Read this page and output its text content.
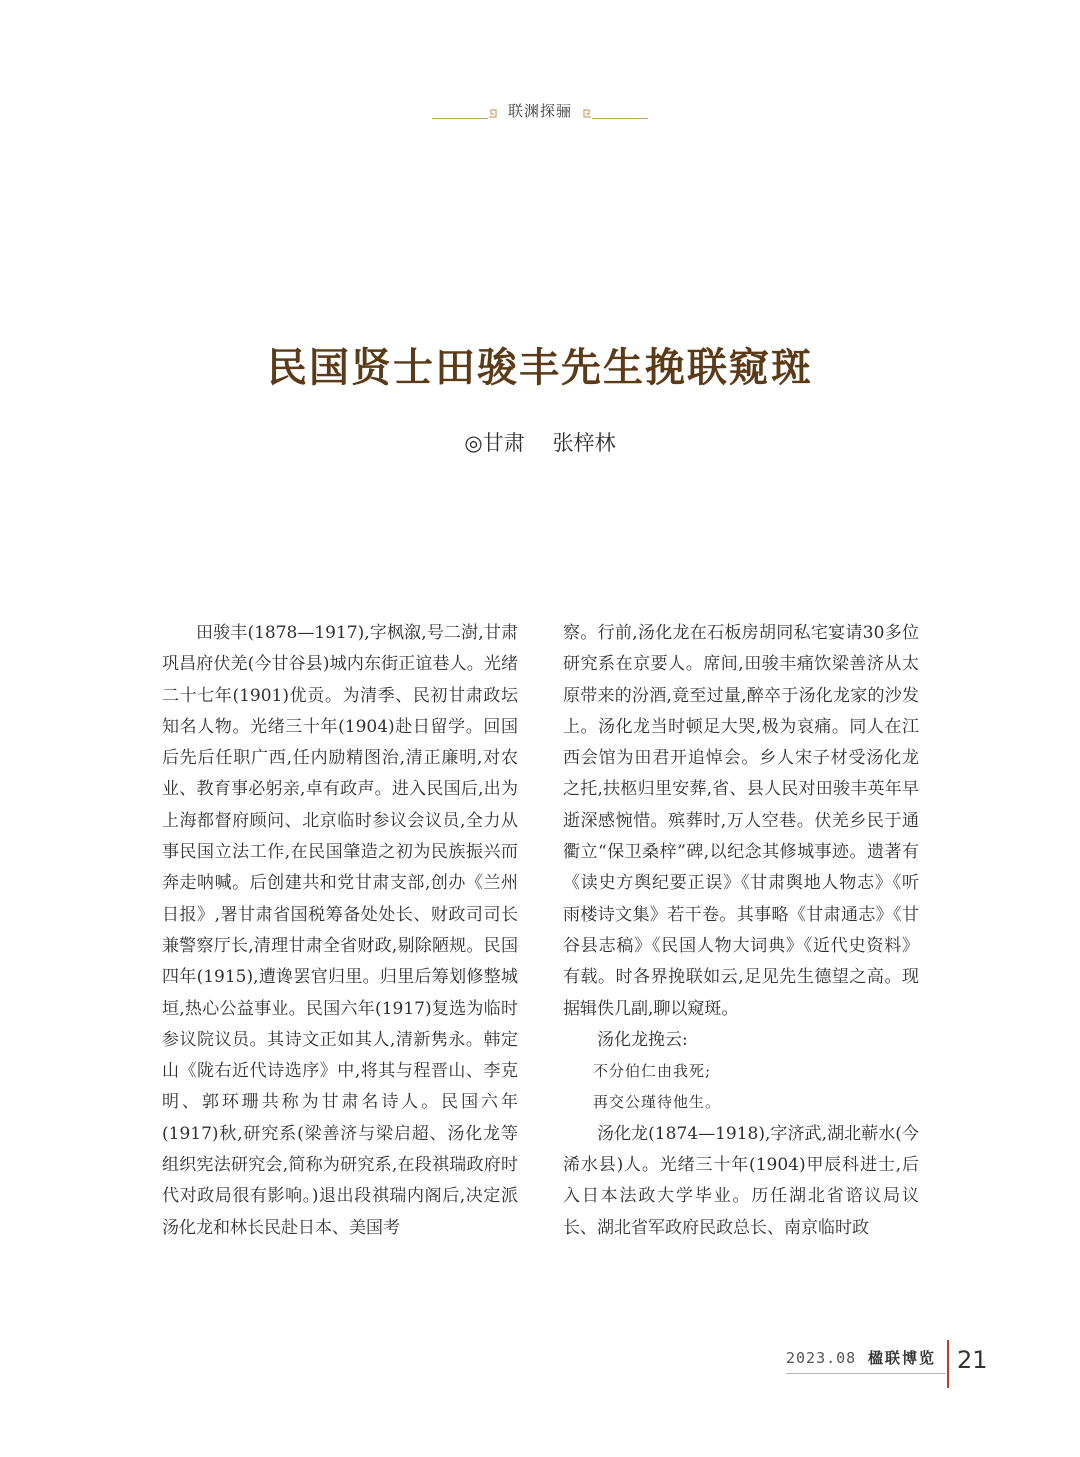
联渊探骊
民国贤士田骏丰先生挽联窥斑
◎甘肃 张梓林

田骏丰(1878—1917),字枫溆,号二澍,甘肃巩昌府伏羌(今甘谷县)城内东街正谊巷人。光绪二十七年(1901)优贡。为清季、民初甘肃政坛知名人物。光绪三十年(1904)赴日留学。回国后先后任职广西,任内励精图治,清正廉明,对农业、教育事必躬亲,卓有政声。进入民国后,出为上海都督府顾问、北京临时参议会议员,全力从事民国立法工作,在民国肇造之初为民族振兴而奔走呐喊。后创建共和党甘肃支部,创办《兰州日报》,署甘肃省国税筹备处处长、财政司司长兼警察厅长,清理甘肃全省财政,剔除陋规。民国四年(1915),遭谗罢官归里。归里后筹划修整城垣,热心公益事业。民国六年(1917)复选为临时参议院议员。其诗文正如其人,清新隽永。韩定山《陇右近代诗选序》中,将其与程晋山、李克明、郭环珊共称为甘肃名诗人。民国六年(1917)秋,研究系(梁善济与梁启超、汤化龙等组织宪法研究会,简称为研究系,在段祺瑞政府时代对政局很有影响。)退出段祺瑞内阁后,决定派汤化龙和林长民赴日本、美国考

察。行前,汤化龙在石板房胡同私宅宴请30多位研究系在京要人。席间,田骏丰痛饮梁善济从太原带来的汾酒,竟至过量,醉卒于汤化龙家的沙发上。汤化龙当时顿足大哭,极为哀痛。同人在江西会馆为田君开追悼会。乡人宋子材受汤化龙之托,扶柩归里安葬,省、县人民对田骏丰英年早逝深感惋惜。殡葬时,万人空巷。伏羌乡民于通衢立“保卫桑梓”碑,以纪念其修城事迹。遗著有《读史方舆纪要正误》《甘肃舆地人物志》《听雨楼诗文集》若干卷。其事略《甘肃通志》《甘谷县志稿》《民国人物大词典》《近代史资料》有载。时各界挽联如云,足见先生德望之高。现据辑佚几副,聊以窥斑。

汤化龙挽云:

不分伯仁由我死;

再交公瑾待他生。

汤化龙(1874—1918),字济武,湖北蕲水(今浠水县)人。光绪三十年(1904)甲辰科进士,后入日本法政大学毕业。历任湖北省谘议局议长、湖北省军政府民政总长、南京临时政

2023.08 楹联博览 21
